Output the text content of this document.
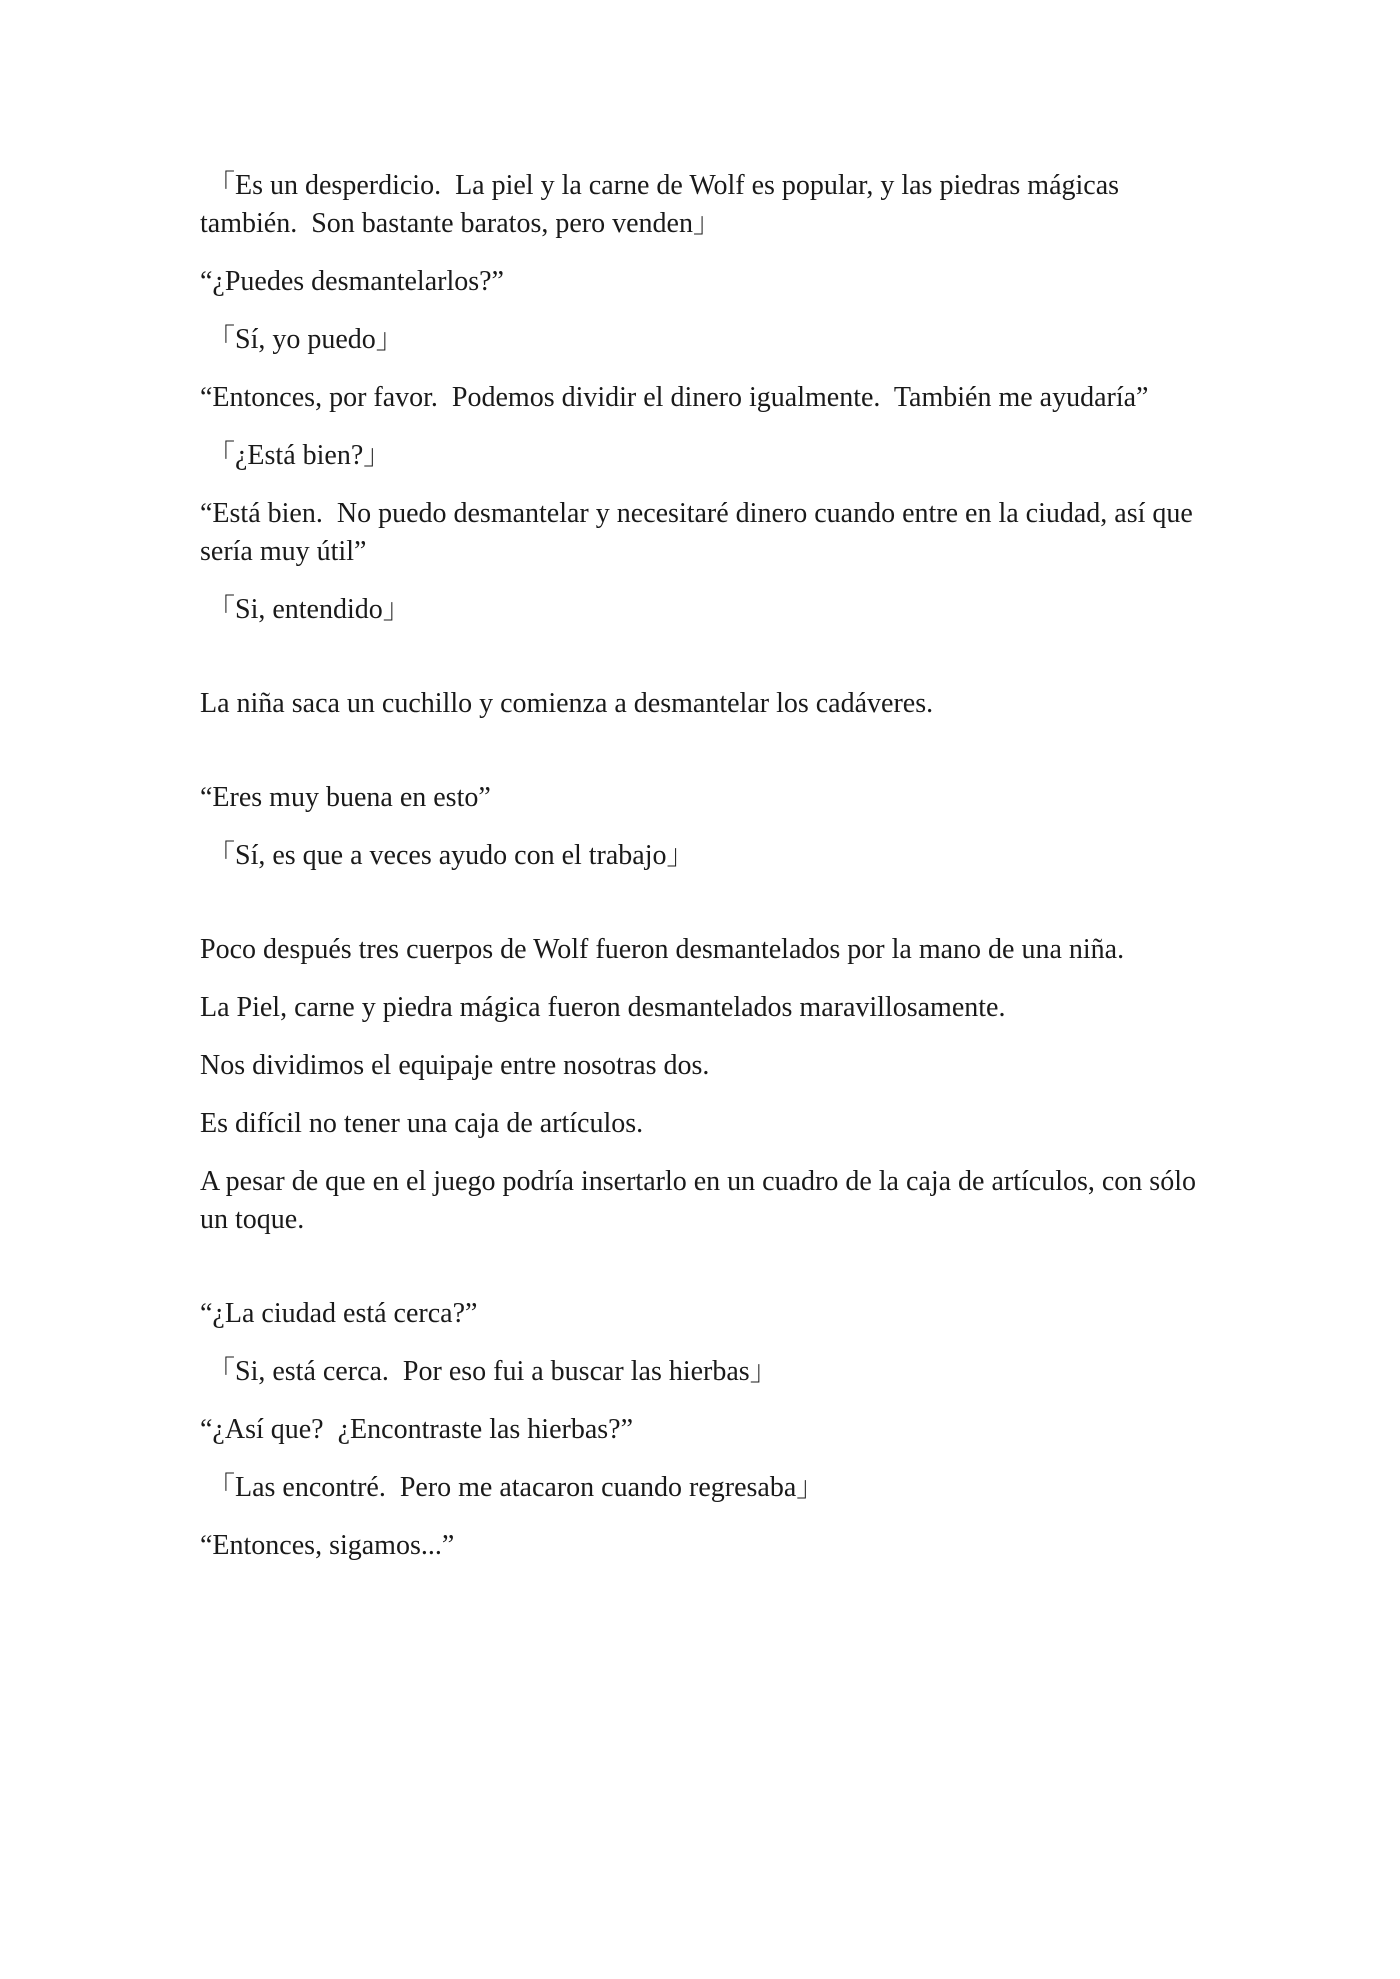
「Es un desperdicio.  La piel y la carne de Wolf es popular, y las piedras mágicas también.  Son bastante baratos, pero venden」

“¿Puedes desmantelarlos?”

「Sí, yo puedo」

“Entonces, por favor.  Podemos dividir el dinero igualmente.  También me ayudaría”

「¿Está bien?」

“Está bien.  No puedo desmantelar y necesitaré dinero cuando entre en la ciudad, así que sería muy útil”

「Si, entendido」

La niña saca un cuchillo y comienza a desmantelar los cadáveres.

“Eres muy buena en esto”

「Sí, es que a veces ayudo con el trabajo」

Poco después tres cuerpos de Wolf fueron desmantelados por la mano de una niña.

La Piel, carne y piedra mágica fueron desmantelados maravillosamente.

Nos dividimos el equipaje entre nosotras dos.

Es difícil no tener una caja de artículos.

A pesar de que en el juego podría insertarlo en un cuadro de la caja de artículos, con sólo un toque.

“¿La ciudad está cerca?”

「Si, está cerca.  Por eso fui a buscar las hierbas」

“¿Así que?  ¿Encontraste las hierbas?”

「Las encontré.  Pero me atacaron cuando regresaba」

“Entonces, sigamos...”
